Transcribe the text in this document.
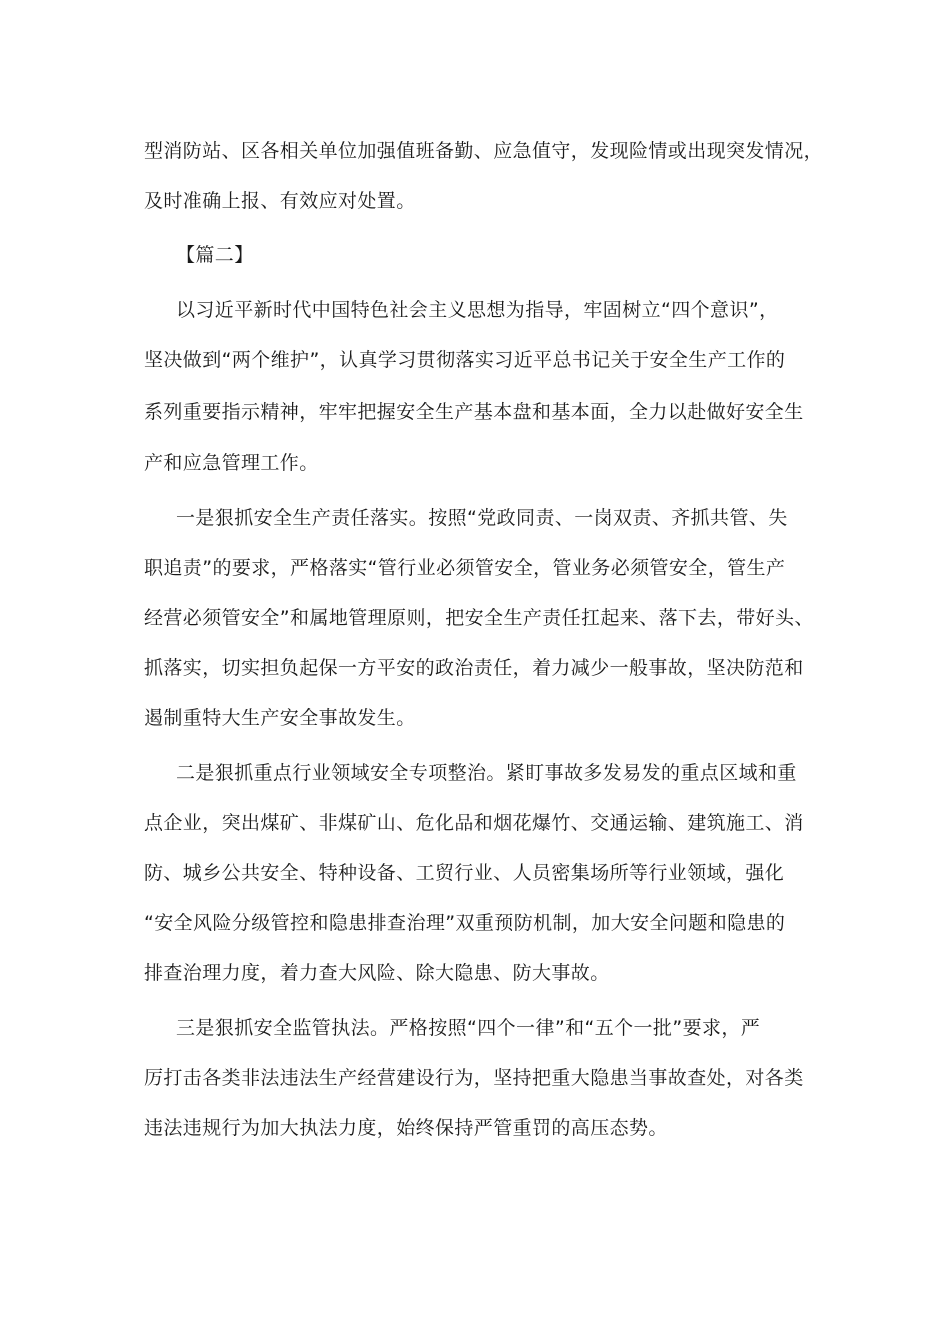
型消防站、区各相关单位加强值班备勤、应急值守，发现险情或出现突发情况，
及时准确上报、有效应对处置。
【篇二】
以习近平新时代中国特色社会主义思想为指导，牢固树立“四个意识”，
坚决做到“两个维护”，认真学习贯彻落实习近平总书记关于安全生产工作的
系列重要指示精神，牢牢把握安全生产基本盘和基本面，全力以赴做好安全生
产和应急管理工作。
一是狠抓安全生产责任落实。按照“党政同责、一岗双责、齐抓共管、失
职追责”的要求，严格落实“管行业必须管安全，管业务必须管安全，管生产
经营必须管安全”和属地管理原则，把安全生产责任扛起来、落下去，带好头、
抓落实，切实担负起保一方平安的政治责任，着力减少一般事故，坚决防范和
遏制重特大生产安全事故发生。
二是狠抓重点行业领域安全专项整治。紧盯事故多发易发的重点区域和重
点企业，突出煤矿、非煤矿山、危化品和烟花爆竹、交通运输、建筑施工、消
防、城乡公共安全、特种设备、工贸行业、人员密集场所等行业领域，强化
“安全风险分级管控和隐患排查治理”双重预防机制，加大安全问题和隐患的
排查治理力度，着力查大风险、除大隐患、防大事故。
三是狠抓安全监管执法。严格按照“四个一律”和“五个一批”要求，严
厉打击各类非法违法生产经营建设行为，坚持把重大隐患当事故查处，对各类
违法违规行为加大执法力度，始终保持严管重罚的高压态势。
